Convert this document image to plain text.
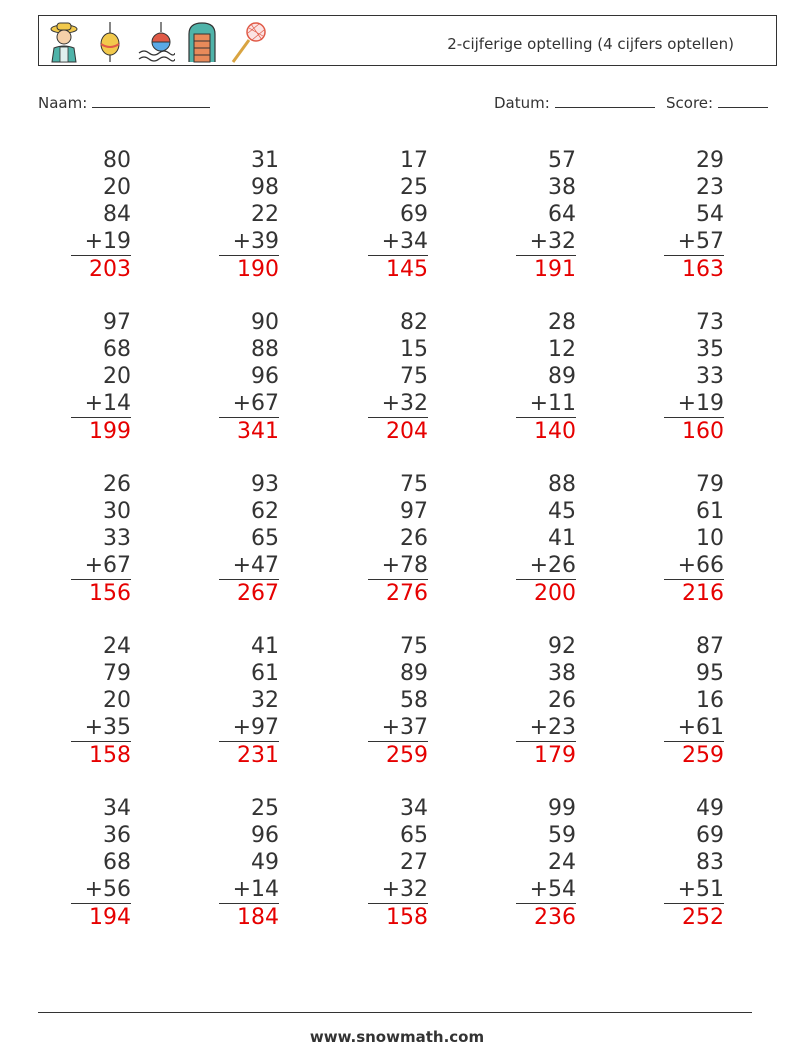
2-cijferige optelling (4 cijfers optellen)
Naam:	Datum:	Score:
80
20
84
+19
203
31
98
22
+39
190
17
25
69
+34
145
57
38
64
+32
191
29
23
54
+57
163
97
68
20
+14
199
90
88
96
+67
341
82
15
75
+32
204
28
12
89
+11
140
73
35
33
+19
160
26
30
33
+67
156
93
62
65
+47
267
75
97
26
+78
276
88
45
41
+26
200
79
61
10
+66
216
24
79
20
+35
158
41
61
32
+97
231
75
89
58
+37
259
92
38
26
+23
179
87
95
16
+61
259
34
36
68
+56
194
25
96
49
+14
184
34
65
27
+32
158
99
59
24
+54
236
49
69
83
+51
252
www.snowmath.com
